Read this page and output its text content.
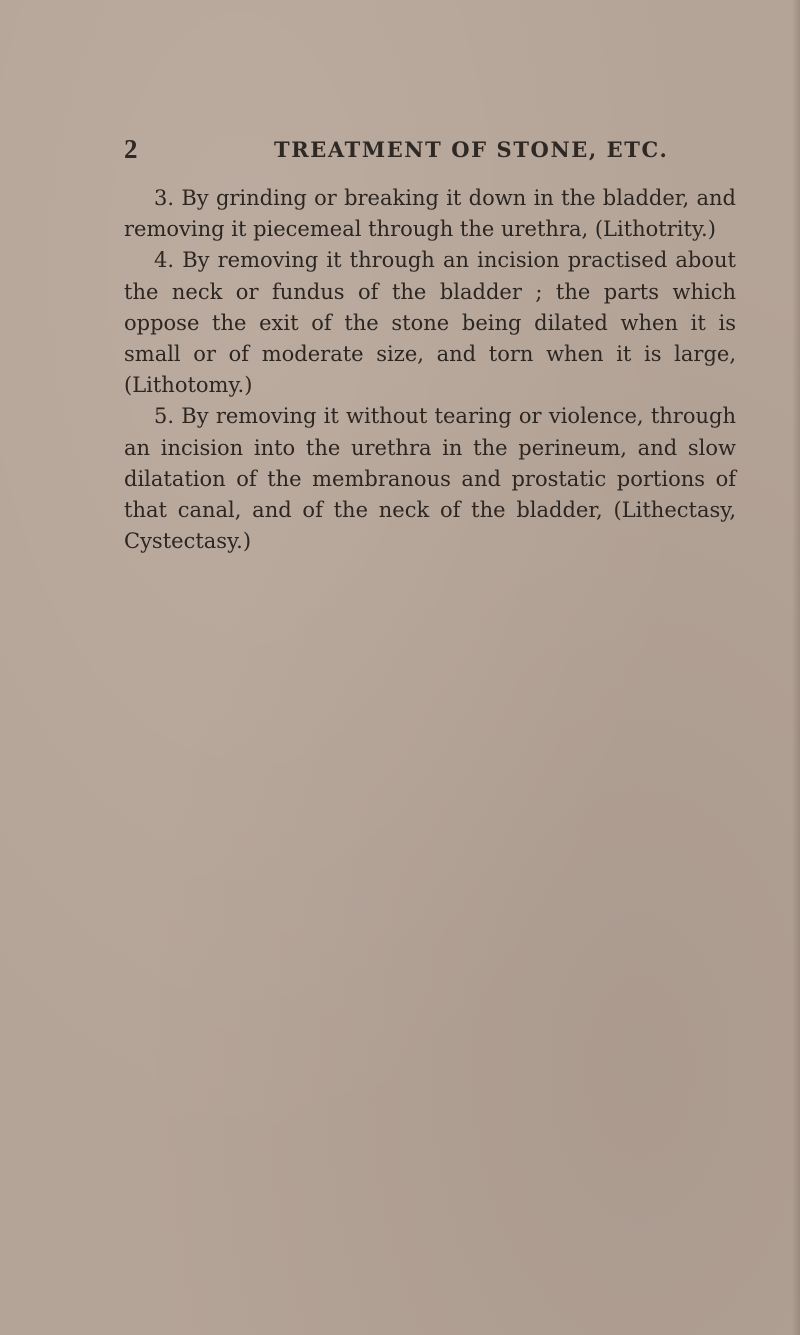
2	TREATMENT OF STONE, ETC.

3. By grinding or breaking it down in the bladder, and removing it piecemeal through the urethra, (Lithotrity.)

4. By removing it through an incision practised about the neck or fundus of the bladder ; the parts which oppose the exit of the stone being dilated when it is small or of moderate size, and torn when it is large, (Lithotomy.)

5. By removing it without tearing or violence, through an incision into the urethra in the perineum, and slow dilatation of the membranous and prostatic portions of that canal, and of the neck of the bladder, (Lithectasy, Cystectasy.)
